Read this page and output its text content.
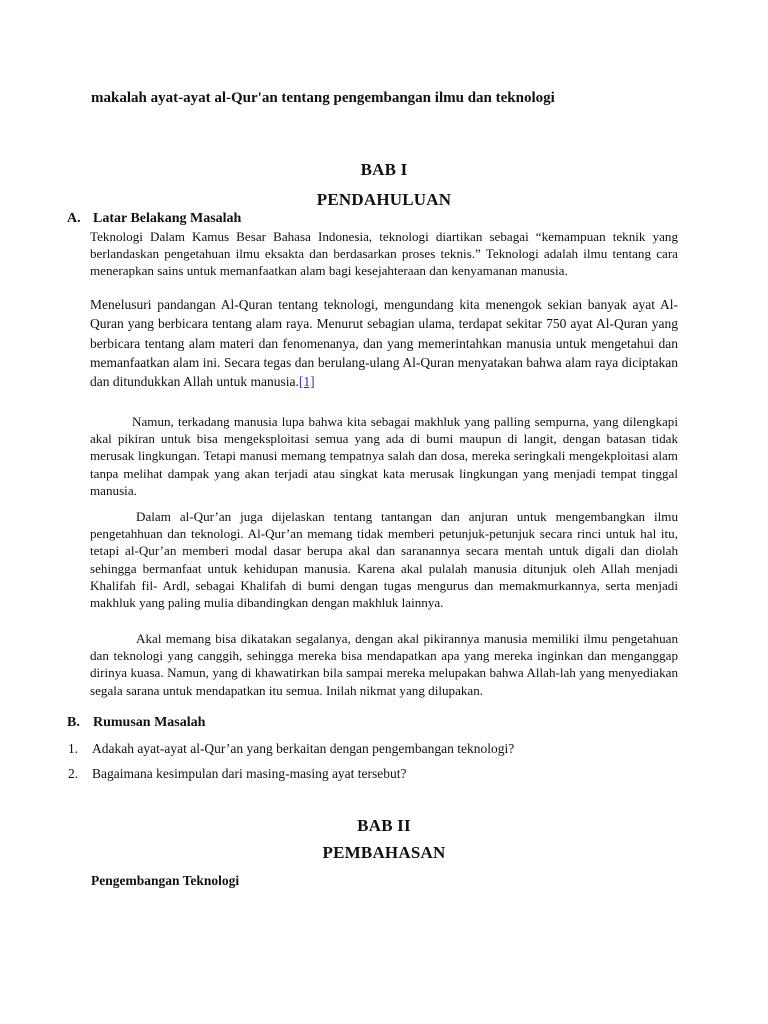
makalah ayat-ayat al-Qur'an tentang pengembangan ilmu dan teknologi
BAB I
PENDAHULUAN
A. Latar Belakang Masalah

Teknologi Dalam Kamus Besar Bahasa Indonesia, teknologi diartikan sebagai “kemampuan teknik yang berlandaskan pengetahuan ilmu eksakta dan berdasarkan proses teknis.” Teknologi adalah ilmu tentang cara menerapkan sains untuk memanfaatkan alam bagi kesejahteraan dan kenyamanan manusia.

Menelusuri pandangan Al-Quran tentang teknologi, mengundang kita menengok sekian banyak ayat Al-Quran yang berbicara tentang alam raya. Menurut sebagian ulama, terdapat sekitar 750 ayat Al-Quran yang berbicara tentang alam materi dan fenomenanya, dan yang memerintahkan manusia untuk mengetahui dan memanfaatkan alam ini. Secara tegas dan berulang-ulang Al-Quran menyatakan bahwa alam raya diciptakan dan ditundukkan Allah untuk manusia.[1]

Namun, terkadang manusia lupa bahwa kita sebagai makhluk yang palling sempurna, yang dilengkapi akal pikiran untuk bisa mengeksploitasi semua yang ada di bumi maupun di langit, dengan batasan tidak merusak lingkungan. Tetapi manusi memang tempatnya salah dan dosa, mereka seringkali mengekploitasi alam tanpa melihat dampak yang akan terjadi atau singkat kata merusak lingkungan yang menjadi tempat tinggal manusia.

Dalam al-Qur’an juga dijelaskan tentang tantangan dan anjuran untuk mengembangkan ilmu pengetahhuan dan teknologi. Al-Qur’an memang tidak memberi petunjuk-petunjuk secara rinci untuk hal itu, tetapi al-Qur’an memberi modal dasar berupa akal dan saranannya secara mentah untuk digali dan diolah sehingga bermanfaat untuk kehidupan manusia. Karena akal pulalah manusia ditunjuk oleh Allah menjadi Khalifah fil- Ardl, sebagai Khalifah di bumi dengan tugas mengurus dan memakmurkannya, serta menjadi makhluk yang paling mulia dibandingkan dengan makhluk lainnya.

Akal memang bisa dikatakan segalanya, dengan akal pikirannya manusia memiliki ilmu pengetahuan dan teknologi yang canggih, sehingga mereka bisa mendapatkan apa yang mereka inginkan dan menganggap dirinya kuasa. Namun, yang di khawatirkan bila sampai mereka melupakan bahwa Allah-lah yang menyediakan segala sarana untuk mendapatkan itu semua. Inilah nikmat yang dilupakan.

B. Rumusan Masalah
1. Adakah ayat-ayat al-Qur’an yang berkaitan dengan pengembangan teknologi?
2. Bagaimana kesimpulan dari masing-masing ayat tersebut?
BAB II
PEMBAHASAN
Pengembangan Teknologi
